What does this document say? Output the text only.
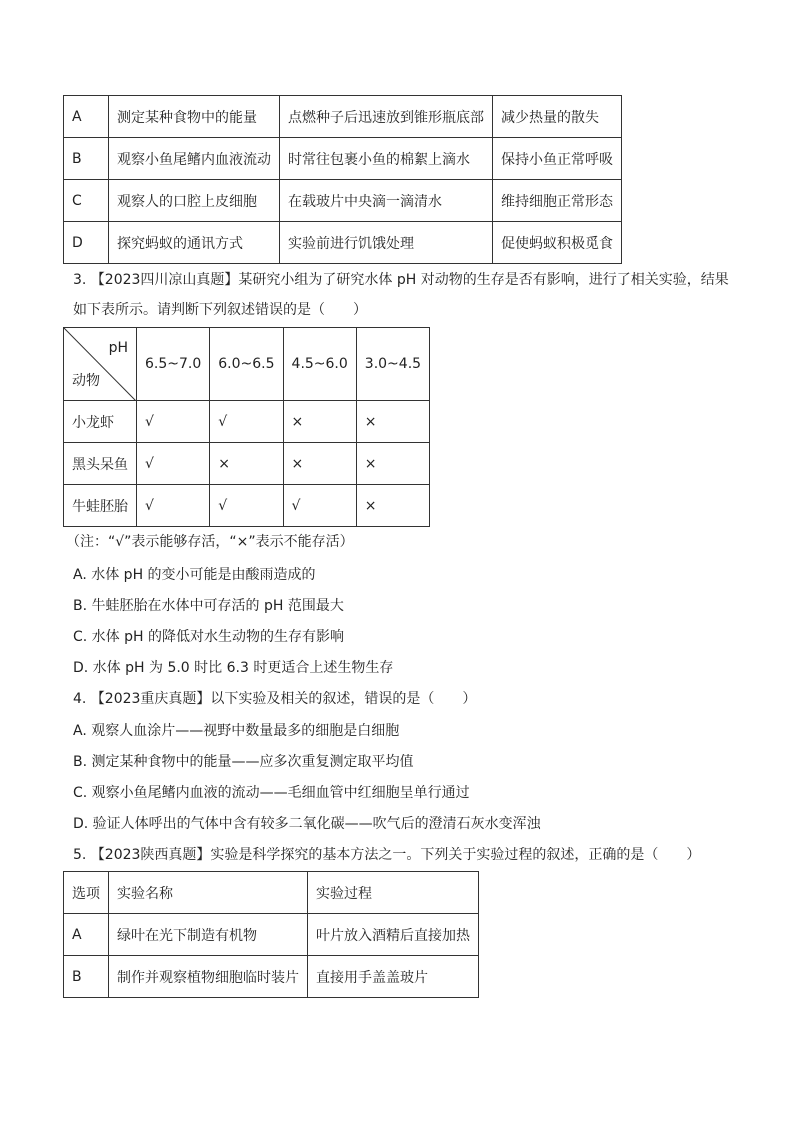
A	测定某种食物中的能量	点燃种子后迅速放到锥形瓶底部	减少热量的散失
B	观察小鱼尾鳍内血液流动	时常往包裹小鱼的棉絮上滴水	保持小鱼正常呼吸
C	观察人的口腔上皮细胞	在载玻片中央滴一滴清水	维持细胞正常形态
D	探究蚂蚁的通讯方式	实验前进行饥饿处理	促使蚂蚁积极觅食
3. 【2023四川凉山真题】某研究小组为了研究水体 pH 对动物的生存是否有影响，进行了相关实验，结果
如下表所示。请判断下列叙述错误的是（　　）
pH
动物	6.5~7.0	6.0~6.5	4.5~6.0	3.0~4.5
小龙虾	√	√	×	×
黑头呆鱼	√	×	×	×
牛蛙胚胎	√	√	√	×
（注：“√”表示能够存活，“×”表示不能存活）
A. 水体 pH 的变小可能是由酸雨造成的
B. 牛蛙胚胎在水体中可存活的 pH 范围最大
C. 水体 pH 的降低对水生动物的生存有影响
D. 水体 pH 为 5.0 时比 6.3 时更适合上述生物生存
4. 【2023重庆真题】以下实验及相关的叙述，错误的是（　　）
A. 观察人血涂片——视野中数量最多的细胞是白细胞
B. 测定某种食物中的能量——应多次重复测定取平均值
C. 观察小鱼尾鳍内血液的流动——毛细血管中红细胞呈单行通过
D. 验证人体呼出的气体中含有较多二氧化碳——吹气后的澄清石灰水变浑浊
5. 【2023陕西真题】实验是科学探究的基本方法之一。下列关于实验过程的叙述，正确的是（　　）
选项	实验名称	实验过程
A	绿叶在光下制造有机物	叶片放入酒精后直接加热
B	制作并观察植物细胞临时装片	直接用手盖盖玻片
